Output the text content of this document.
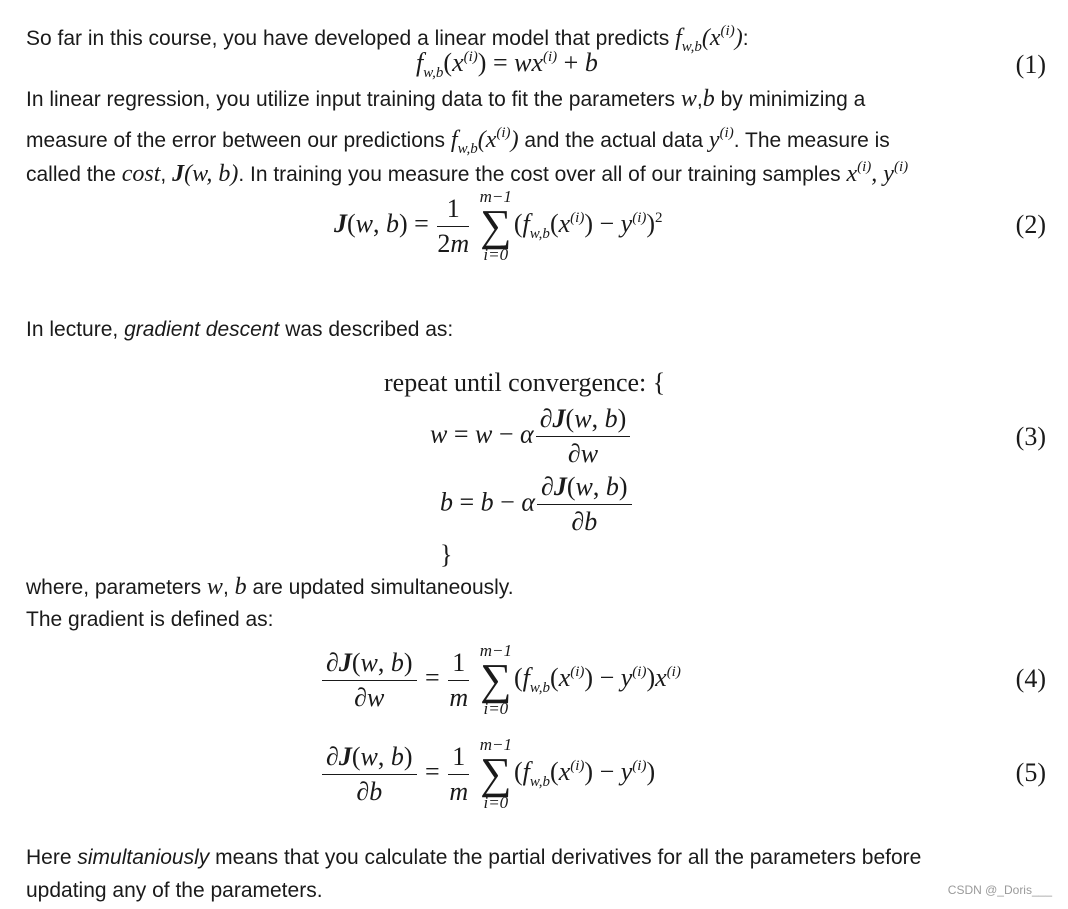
So far in this course, you have developed a linear model that predicts $f_{w,b}(x^{(i)})$:
$f_{w,b}(x^{(i)}) = wx^{(i)} + b$	(1)
In linear regression, you utilize input training data to fit the parameters w,b by minimizing a
measure of the error between our predictions $f_{w,b}(x^{(i)})$ and the actual data $y^{(i)}$. The measure is
called the cost, J(w, b). In training you measure the cost over all of our training samples $x^{(i)}$, $y^{(i)}$
J(w, $b) = \frac{1}{2m}$
m−1
∑
i=0
$(f_{w,b}(x^{(i)}) - y^{(i)})^2$	(2)
In lecture, gradient descent was described as:
repeat until convergence: {
w = w − α $\frac{\partial J(w, b)}{\partial w}$
b = b − α $\frac{\partial J(w, b)}{\partial b}$
}
(3)
where, parameters w, b are updated simultaneously.
The gradient is defined as:
$\frac{\partial J(w, b)}{\partial w} = \frac{1}{m}$
m−1
∑
i=0
$(f_{w,b}(x^{(i)}) - y^{(i)})x^{(i)}$	(4)
$\frac{\partial J(w, b)}{\partial b} = \frac{1}{m}$
m−1
∑
i=0
$(f_{w,b}(x^{(i)}) - y^{(i)})$	(5)
Here simultaniously means that you calculate the partial derivatives for all the parameters before
updating any of the parameters.	CSDN @_Doris___
